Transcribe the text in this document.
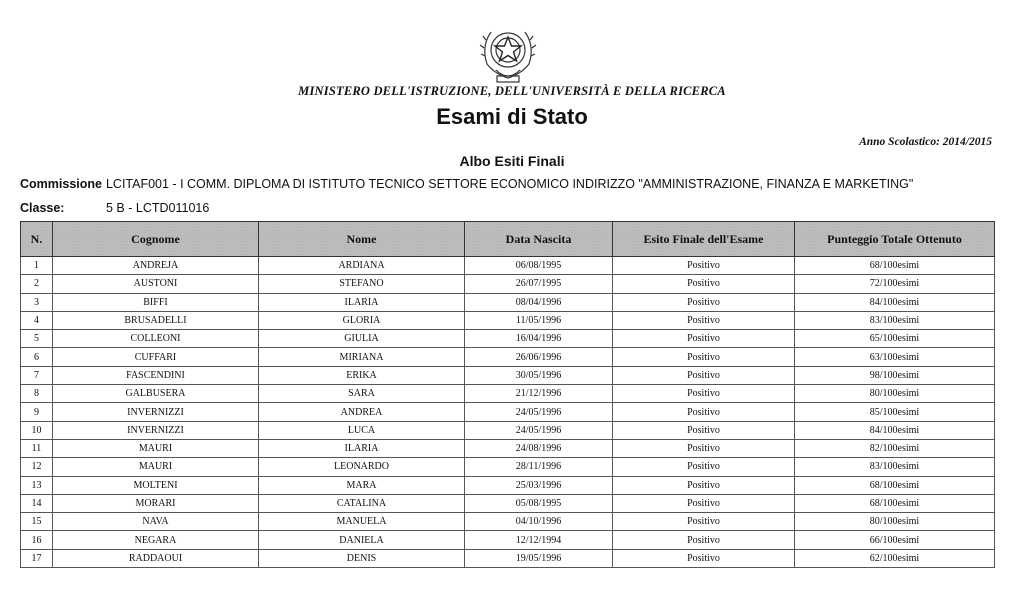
MINISTERO DELL'ISTRUZIONE, DELL'UNIVERSITÀ E DELLA RICERCA
Esami di Stato
Anno Scolastico: 2014/2015
Albo Esiti Finali
Commissione LCITAF001 - I COMM. DIPLOMA DI ISTITUTO TECNICO SETTORE ECONOMICO INDIRIZZO "AMMINISTRAZIONE, FINANZA E MARKETING"
Classe:	5 B - LCTD011016
N.	Cognome	Nome	Data Nascita	Esito Finale dell'Esame	Punteggio Totale Ottenuto
1	ANDREJA	ARDIANA	06/08/1995	Positivo	68/100esimi
2	AUSTONI	STEFANO	26/07/1995	Positivo	72/100esimi
3	BIFFI	ILARIA	08/04/1996	Positivo	84/100esimi
4	BRUSADELLI	GLORIA	11/05/1996	Positivo	83/100esimi
5	COLLEONI	GIULIA	16/04/1996	Positivo	65/100esimi
6	CUFFARI	MIRIANA	26/06/1996	Positivo	63/100esimi
7	FASCENDINI	ERIKA	30/05/1996	Positivo	98/100esimi
8	GALBUSERA	SARA	21/12/1996	Positivo	80/100esimi
9	INVERNIZZI	ANDREA	24/05/1996	Positivo	85/100esimi
10	INVERNIZZI	LUCA	24/05/1996	Positivo	84/100esimi
11	MAURI	ILARIA	24/08/1996	Positivo	82/100esimi
12	MAURI	LEONARDO	28/11/1996	Positivo	83/100esimi
13	MOLTENI	MARA	25/03/1996	Positivo	68/100esimi
14	MORARI	CATALINA	05/08/1995	Positivo	68/100esimi
15	NAVA	MANUELA	04/10/1996	Positivo	80/100esimi
16	NEGARA	DANIELA	12/12/1994	Positivo	66/100esimi
17	RADDAOUI	DENIS	19/05/1996	Positivo	62/100esimi
